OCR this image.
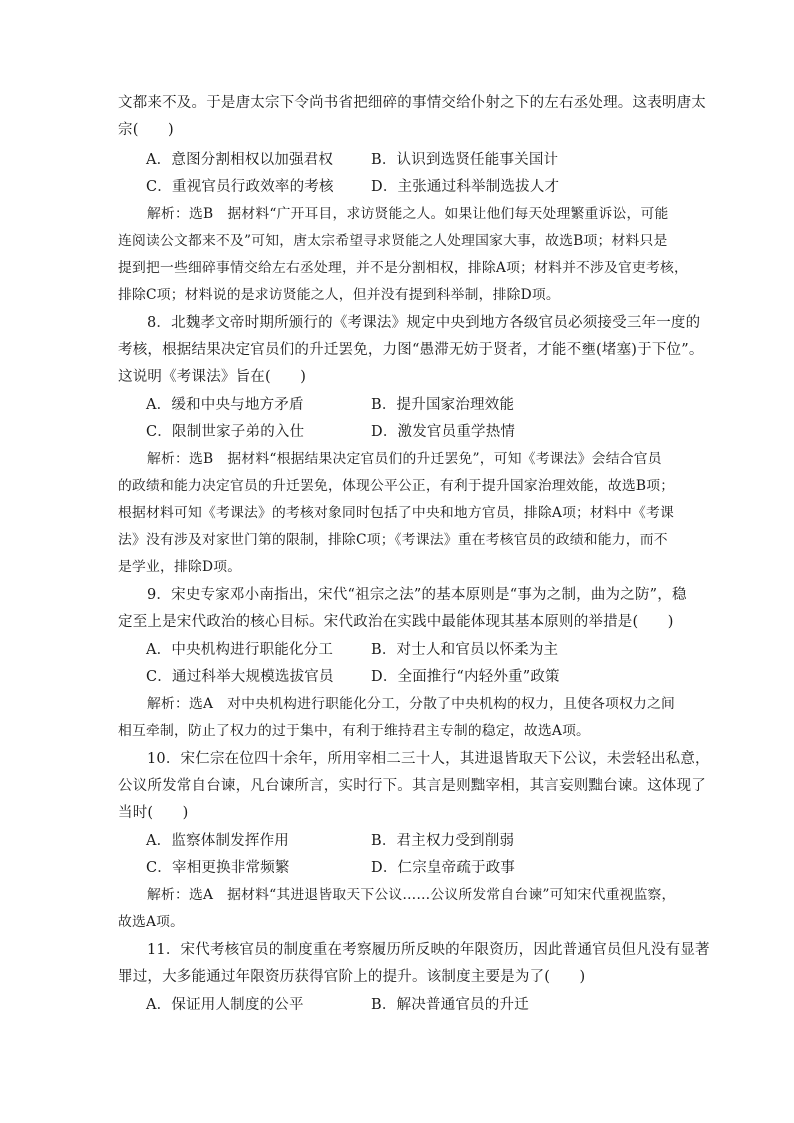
文都来不及。于是唐太宗下令尚书省把细碎的事情交给仆射之下的左右丞处理。这表明唐太
宗(　　)
A．意图分割相权以加强君权	B．认识到选贤任能事关国计
C．重视官员行政效率的考核	D．主张通过科举制选拔人才
解析：选B　据材料“广开耳目，求访贤能之人。如果让他们每天处理繁重诉讼，可能
连阅读公文都来不及”可知，唐太宗希望寻求贤能之人处理国家大事，故选B项；材料只是
提到把一些细碎事情交给左右丞处理，并不是分割相权，排除A项；材料并不涉及官吏考核，
排除C项；材料说的是求访贤能之人，但并没有提到科举制，排除D项。
8．北魏孝文帝时期所颁行的《考课法》规定中央到地方各级官员必须接受三年一度的
考核，根据结果决定官员们的升迁罢免，力图“愚滞无妨于贤者，才能不壅(堵塞)于下位”。
这说明《考课法》旨在(　　)
A．缓和中央与地方矛盾	B．提升国家治理效能
C．限制世家子弟的入仕	D．激发官员重学热情
解析：选B　据材料“根据结果决定官员们的升迁罢免”，可知《考课法》会结合官员
的政绩和能力决定官员的升迁罢免，体现公平公正，有利于提升国家治理效能，故选B项；
根据材料可知《考课法》的考核对象同时包括了中央和地方官员，排除A项；材料中《考课
法》没有涉及对家世门第的限制，排除C项；《考课法》重在考核官员的政绩和能力，而不
是学业，排除D项。
9．宋史专家邓小南指出，宋代“祖宗之法”的基本原则是“事为之制，曲为之防”，稳
定至上是宋代政治的核心目标。宋代政治在实践中最能体现其基本原则的举措是(　　)
A．中央机构进行职能化分工	B．对士人和官员以怀柔为主
C．通过科举大规模选拔官员	D．全面推行“内轻外重”政策
解析：选A　对中央机构进行职能化分工，分散了中央机构的权力，且使各项权力之间
相互牵制，防止了权力的过于集中，有利于维持君主专制的稳定，故选A项。
10．宋仁宗在位四十余年，所用宰相二三十人，其进退皆取天下公议，未尝轻出私意，
公议所发常自台谏，凡台谏所言，实时行下。其言是则黜宰相，其言妄则黜台谏。这体现了
当时(　　)
A．监察体制发挥作用	B．君主权力受到削弱
C．宰相更换非常频繁	D．仁宗皇帝疏于政事
解析：选A　据材料“其进退皆取天下公议……公议所发常自台谏”可知宋代重视监察，
故选A项。
11．宋代考核官员的制度重在考察履历所反映的年限资历，因此普通官员但凡没有显著
罪过，大多能通过年限资历获得官阶上的提升。该制度主要是为了(　　)
A．保证用人制度的公平	B．解决普通官员的升迁
